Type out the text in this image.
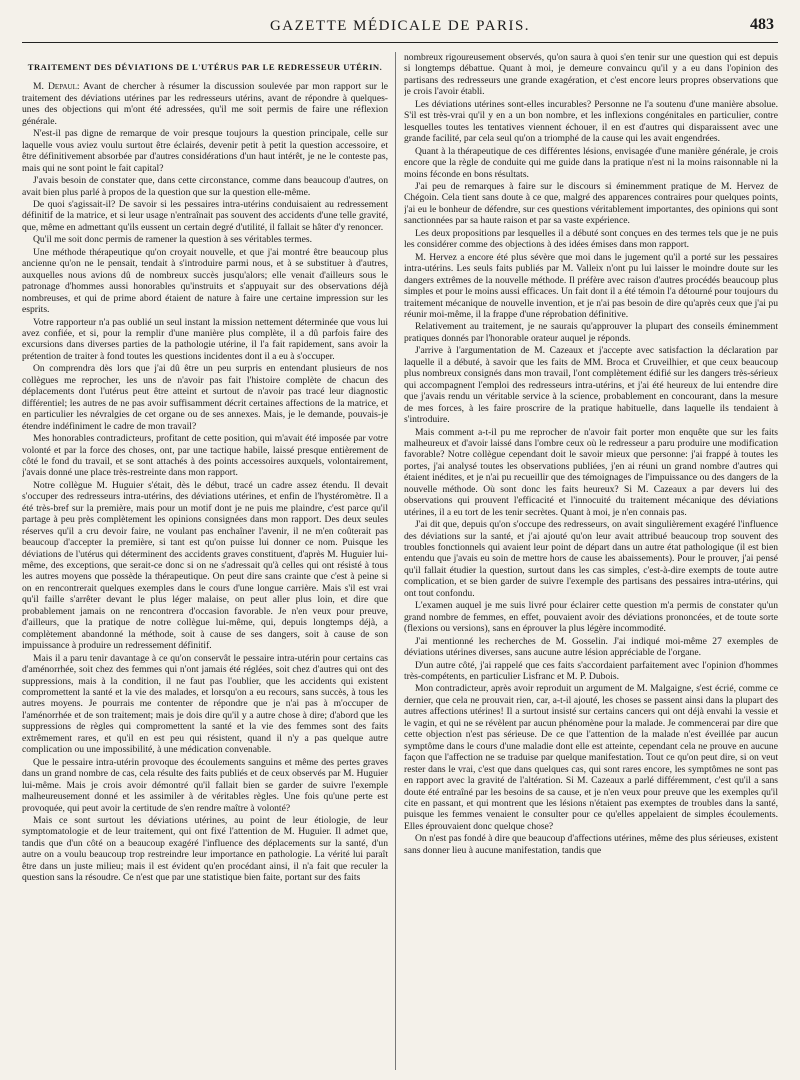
GAZETTE MÉDICALE DE PARIS.	483
TRAITEMENT DES DÉVIATIONS DE L'UTÉRUS PAR LE REDRESSEUR UTÉRIN.

M. Depaul: Avant de chercher à résumer la discussion soulevée par mon rapport sur le traitement des déviations utérines par les redresseurs utérins, avant de répondre à quelques-unes des objections qui m'ont été adressées, qu'il me soit permis de faire une réflexion générale.

N'est-il pas digne de remarque de voir presque toujours la question principale, celle sur laquelle vous aviez voulu surtout être éclairés, devenir petit à petit la question accessoire, et être définitivement absorbée par d'autres considérations d'un haut intérêt, je ne le conteste pas, mais qui ne sont point le fait capital?

J'avais besoin de constater que, dans cette circonstance, comme dans beaucoup d'autres, on avait bien plus parlé à propos de la question que sur la question elle-même.

De quoi s'agissait-il? De savoir si les pessaires intra-utérins conduisaient au redressement définitif de la matrice, et si leur usage n'entraînait pas souvent des accidents d'une telle gravité, que, même en admettant qu'ils eussent un certain degré d'utilité, il fallait se hâter d'y renoncer.

Qu'il me soit donc permis de ramener la question à ses véritables termes.

Une méthode thérapeutique qu'on croyait nouvelle, et que j'ai montré être beaucoup plus ancienne qu'on ne le pensait, tendait à s'introduire parmi nous, et à se substituer à d'autres, auxquelles nous avions dû de nombreux succès jusqu'alors; elle venait d'ailleurs sous le patronage d'hommes aussi honorables qu'instruits et s'appuyait sur des observations déjà nombreuses, et qui de prime abord étaient de nature à faire une certaine impression sur les esprits.

Votre rapporteur n'a pas oublié un seul instant la mission nettement déterminée que vous lui avez confiée, et si, pour la remplir d'une manière plus complète, il a dû parfois faire des excursions dans diverses parties de la pathologie utérine, il l'a fait rapidement, sans avoir la prétention de traiter à fond toutes les questions incidentes dont il a eu à s'occuper.

On comprendra dès lors que j'ai dû être un peu surpris en entendant plusieurs de nos collègues me reprocher, les uns de n'avoir pas fait l'histoire complète de chacun des déplacements dont l'utérus peut être atteint et surtout de n'avoir pas tracé leur diagnostic différentiel; les autres de ne pas avoir suffisamment décrit certaines affections de la matrice, et en particulier les névralgies de cet organe ou de ses annexes. Mais, je le demande, pouvais-je étendre indéfiniment le cadre de mon travail?

Mes honorables contradicteurs, profitant de cette position, qui m'avait été imposée par votre volonté et par la force des choses, ont, par une tactique habile, laissé presque entièrement de côté le fond du travail, et se sont attachés à des points accessoires auxquels, volontairement, j'avais donné une place très-restreinte dans mon rapport.

Notre collègue M. Huguier s'était, dès le début, tracé un cadre assez étendu. Il devait s'occuper des redresseurs intra-utérins, des déviations utérines, et enfin de l'hystéromètre. Il a été très-bref sur la première, mais pour un motif dont je ne puis me plaindre, c'est parce qu'il partage à peu près complètement les opinions consignées dans mon rapport. Des deux seules réserves qu'il a cru devoir faire, ne voulant pas enchaîner l'avenir, il ne m'en coûterait pas beaucoup d'accepter la première, si tant est qu'on puisse lui donner ce nom. Puisque les déviations de l'utérus qui déterminent des accidents graves constituent, d'après M. Huguier lui-même, des exceptions, que serait-ce donc si on ne s'adressait qu'à celles qui ont résisté à tous les autres moyens que possède la thérapeutique. On peut dire sans crainte que c'est à peine si on en rencontrerait quelques exemples dans le cours d'une longue carrière. Mais s'il est vrai qu'il faille s'arrêter devant le plus léger malaise, on peut aller plus loin, et dire que probablement jamais on ne rencontrera d'occasion favorable. Je n'en veux pour preuve, d'ailleurs, que la pratique de notre collègue lui-même, qui, depuis longtemps déjà, a complètement abandonné la méthode, soit à cause de ses dangers, soit à cause de son impuissance à produire un redressement définitif.

Mais il a paru tenir davantage à ce qu'on conservât le pessaire intra-utérin pour certains cas d'aménorrhée, soit chez des femmes qui n'ont jamais été réglées, soit chez d'autres qui ont des suppressions, mais à la condition, il ne faut pas l'oublier, que les accidents qui existent compromettent la santé et la vie des malades, et lorsqu'on a eu recours, sans succès, à tous les autres moyens. Je pourrais me contenter de répondre que je n'ai pas à m'occuper de l'aménorrhée et de son traitement; mais je dois dire qu'il y a autre chose à dire; d'abord que les suppressions de règles qui compromettent la santé et la vie des femmes sont des faits extrêmement rares, et qu'il en est peu qui résistent, quand il n'y a pas quelque autre complication ou une impossibilité, à une médication convenable.

Que le pessaire intra-utérin provoque des écoulements sanguins et même des pertes graves dans un grand nombre de cas, cela résulte des faits publiés et de ceux observés par M. Huguier lui-même. Mais je crois avoir démontré qu'il fallait bien se garder de suivre l'exemple malheureusement donné et les assimiler à de véritables règles. Une fois qu'une perte est provoquée, qui peut avoir la certitude de s'en rendre maître à volonté?

Mais ce sont surtout les déviations utérines, au point de leur étiologie, de leur symptomatologie et de leur traitement, qui ont fixé l'attention de M. Huguier. Il admet que, tandis que d'un côté on a beaucoup exagéré l'influence des déplacements sur la santé, d'un autre on a voulu beaucoup trop restreindre leur importance en pathologie. La vérité lui paraît être dans un juste milieu; mais il est évident qu'en procédant ainsi, il n'a fait que reculer la question sans la résoudre. Ce n'est que par une statistique bien faite, portant sur des faits

nombreux rigoureusement observés, qu'on saura à quoi s'en tenir sur une question qui est depuis si longtemps débattue. Quant à moi, je demeure convaincu qu'il y a eu dans l'opinion des partisans des redresseurs une grande exagération, et c'est encore leurs propres observations que je crois l'avoir établi.

Les déviations utérines sont-elles incurables? Personne ne l'a soutenu d'une manière absolue. S'il est très-vrai qu'il y en a un bon nombre, et les inflexions congénitales en particulier, contre lesquelles toutes les tentatives viennent échouer, il en est d'autres qui disparaissent avec une grande facilité, par cela seul qu'on a triomphé de la cause qui les avait engendrées.

Quant à la thérapeutique de ces différentes lésions, envisagée d'une manière générale, je crois encore que la règle de conduite qui me guide dans la pratique n'est ni la moins raisonnable ni la moins féconde en bons résultats.

J'ai peu de remarques à faire sur le discours si éminemment pratique de M. Hervez de Chégoin. Cela tient sans doute à ce que, malgré des apparences contraires pour quelques points, j'ai eu le bonheur de défendre, sur ces questions véritablement importantes, des opinions qui sont sanctionnées par sa haute raison et par sa vaste expérience.

Les deux propositions par lesquelles il a débuté sont conçues en des termes tels que je ne puis les considérer comme des objections à des idées émises dans mon rapport.

M. Hervez a encore été plus sévère que moi dans le jugement qu'il a porté sur les pessaires intra-utérins. Les seuls faits publiés par M. Valleix n'ont pu lui laisser le moindre doute sur les dangers extrêmes de la nouvelle méthode. Il préfère avec raison d'autres procédés beaucoup plus simples et pour le moins aussi efficaces. Un fait dont il a été témoin l'a détourné pour toujours du traitement mécanique de nouvelle invention, et je n'ai pas besoin de dire qu'après ceux que j'ai pu réunir moi-même, il la frappe d'une réprobation définitive.

Relativement au traitement, je ne saurais qu'approuver la plupart des conseils éminemment pratiques donnés par l'honorable orateur auquel je réponds.

J'arrive à l'argumentation de M. Cazeaux et j'accepte avec satisfaction la déclaration par laquelle il a débuté, à savoir que les faits de MM. Broca et Cruveilhier, et que ceux beaucoup plus nombreux consignés dans mon travail, l'ont complètement édifié sur les dangers très-sérieux qui accompagnent l'emploi des redresseurs intra-utérins, et j'ai été heureux de lui entendre dire que j'avais rendu un véritable service à la science, probablement en concourant, dans la mesure de mes forces, à les faire proscrire de la pratique habituelle, dans laquelle ils tendaient à s'introduire.

Mais comment a-t-il pu me reprocher de n'avoir fait porter mon enquête que sur les faits malheureux et d'avoir laissé dans l'ombre ceux où le redresseur a paru produire une modification favorable? Notre collègue cependant doit le savoir mieux que personne: j'ai frappé à toutes les portes, j'ai analysé toutes les observations publiées, j'en ai réuni un grand nombre d'autres qui étaient inédites, et je n'ai pu recueillir que des témoignages de l'impuissance ou des dangers de la nouvelle méthode. Où sont donc les faits heureux? Si M. Cazeaux a par devers lui des observations qui prouvent l'efficacité et l'innocuité du traitement mécanique des déviations utérines, il a eu tort de les tenir secrètes. Quant à moi, je n'en connais pas.

J'ai dit que, depuis qu'on s'occupe des redresseurs, on avait singulièrement exagéré l'influence des déviations sur la santé, et j'ai ajouté qu'on leur avait attribué beaucoup trop souvent des troubles fonctionnels qui avaient leur point de départ dans un autre état pathologique (il est bien entendu que j'avais eu soin de mettre hors de cause les abaissements). Pour le prouver, j'ai pensé qu'il fallait étudier la question, surtout dans les cas simples, c'est-à-dire exempts de toute autre complication, et se bien garder de suivre l'exemple des partisans des pessaires intra-utérins, qui ont tout confondu.

L'examen auquel je me suis livré pour éclairer cette question m'a permis de constater qu'un grand nombre de femmes, en effet, pouvaient avoir des déviations prononcées, et de toute sorte (flexions ou versions), sans en éprouver la plus légère incommodité.

J'ai mentionné les recherches de M. Gosselin. J'ai indiqué moi-même 27 exemples de déviations utérines diverses, sans aucune autre lésion appréciable de l'organe.

D'un autre côté, j'ai rappelé que ces faits s'accordaient parfaitement avec l'opinion d'hommes très-compétents, en particulier Lisfranc et M. P. Dubois.

Mon contradicteur, après avoir reproduit un argument de M. Malgaigne, s'est écrié, comme ce dernier, que cela ne prouvait rien, car, a-t-il ajouté, les choses se passent ainsi dans la plupart des autres affections utérines! Il a surtout insisté sur certains cancers qui ont déjà envahi la vessie et le vagin, et qui ne se révèlent par aucun phénomène pour la malade. Je commencerai par dire que cette objection n'est pas sérieuse. De ce que l'attention de la malade n'est éveillée par aucun symptôme dans le cours d'une maladie dont elle est atteinte, cependant cela ne prouve en aucune façon que l'affection ne se traduise par quelque manifestation. Tout ce qu'on peut dire, si on veut rester dans le vrai, c'est que dans quelques cas, qui sont rares encore, les symptômes ne sont pas en rapport avec la gravité de l'altération. Si M. Cazeaux a parlé différemment, c'est qu'il a sans doute été entraîné par les besoins de sa cause, et je n'en veux pour preuve que les exemples qu'il cite en passant, et qui montrent que les lésions n'étaient pas exemptes de troubles dans la santé, puisque les femmes venaient le consulter pour ce qu'elles appelaient de simples écoulements. Elles éprouvaient donc quelque chose?

On n'est pas fondé à dire que beaucoup d'affections utérines, même des plus sérieuses, existent sans donner lieu à aucune manifestation, tandis que
